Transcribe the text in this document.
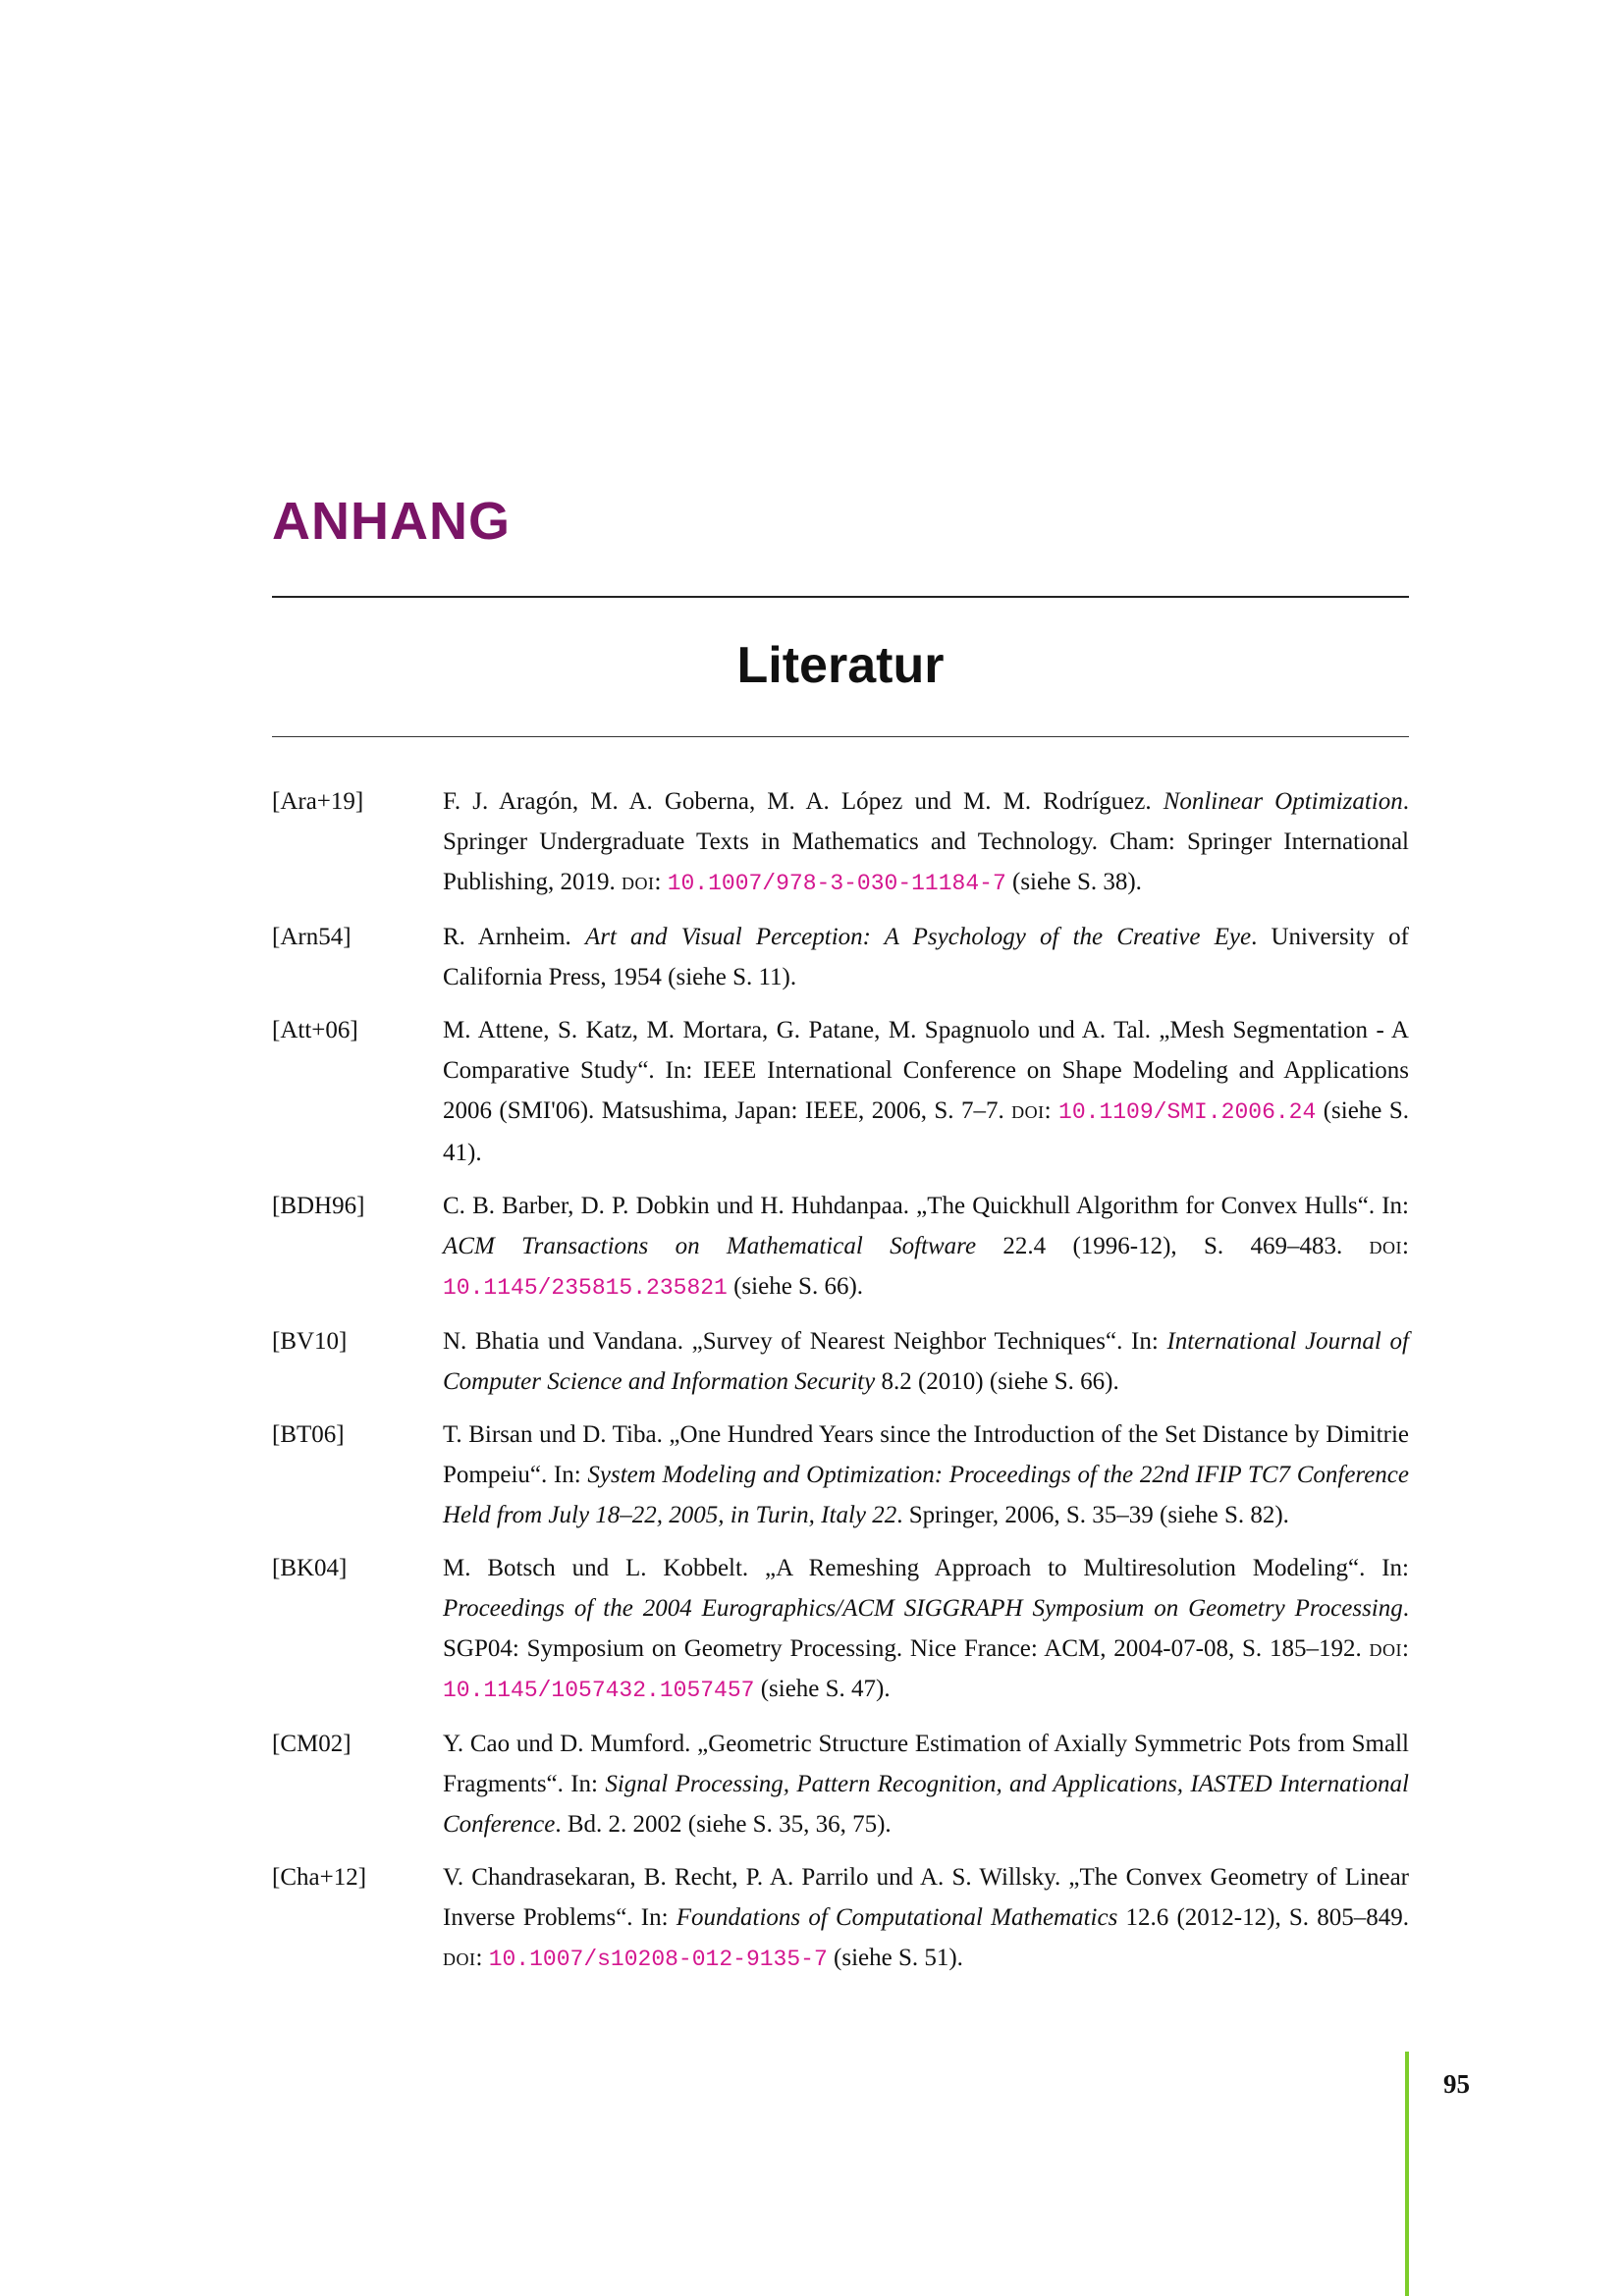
ANHANG
Literatur
[Ara+19]	F. J. Aragón, M. A. Goberna, M. A. López und M. M. Rodríguez. Nonlinear Optimization. Springer Undergraduate Texts in Mathematics and Technology. Cham: Springer International Publishing, 2019. doi: 10.1007/978-3-030-11184-7 (siehe S. 38).
[Arn54]	R. Arnheim. Art and Visual Perception: A Psychology of the Creative Eye. University of California Press, 1954 (siehe S. 11).
[Att+06]	M. Attene, S. Katz, M. Mortara, G. Patane, M. Spagnuolo und A. Tal. „Mesh Segmentation - A Comparative Study“. In: IEEE International Conference on Shape Modeling and Applications 2006 (SMI'06). Matsushima, Japan: IEEE, 2006, S. 7–7. doi: 10.1109/SMI.2006.24 (siehe S. 41).
[BDH96]	C. B. Barber, D. P. Dobkin und H. Huhdanpaa. „The Quickhull Algorithm for Convex Hulls“. In: ACM Transactions on Mathematical Software 22.4 (1996-12), S. 469–483. doi: 10.1145/235815.235821 (siehe S. 66).
[BV10]	N. Bhatia und Vandana. „Survey of Nearest Neighbor Techniques“. In: International Journal of Computer Science and Information Security 8.2 (2010) (siehe S. 66).
[BT06]	T. Birsan und D. Tiba. „One Hundred Years since the Introduction of the Set Distance by Dimitrie Pompeiu“. In: System Modeling and Optimization: Proceedings of the 22nd IFIP TC7 Conference Held from July 18–22, 2005, in Turin, Italy 22. Springer, 2006, S. 35–39 (siehe S. 82).
[BK04]	M. Botsch und L. Kobbelt. „A Remeshing Approach to Multiresolution Modeling“. In: Proceedings of the 2004 Eurographics/ACM SIGGRAPH Symposium on Geometry Processing. SGP04: Symposium on Geometry Processing. Nice France: ACM, 2004-07-08, S. 185–192. doi: 10.1145/1057432.1057457 (siehe S. 47).
[CM02]	Y. Cao und D. Mumford. „Geometric Structure Estimation of Axially Symmetric Pots from Small Fragments“. In: Signal Processing, Pattern Recognition, and Applications, IASTED International Conference. Bd. 2. 2002 (siehe S. 35, 36, 75).
[Cha+12]	V. Chandrasekaran, B. Recht, P. A. Parrilo und A. S. Willsky. „The Convex Geometry of Linear Inverse Problems“. In: Foundations of Computational Mathematics 12.6 (2012-12), S. 805–849. doi: 10.1007/s10208-012-9135-7 (siehe S. 51).
95
